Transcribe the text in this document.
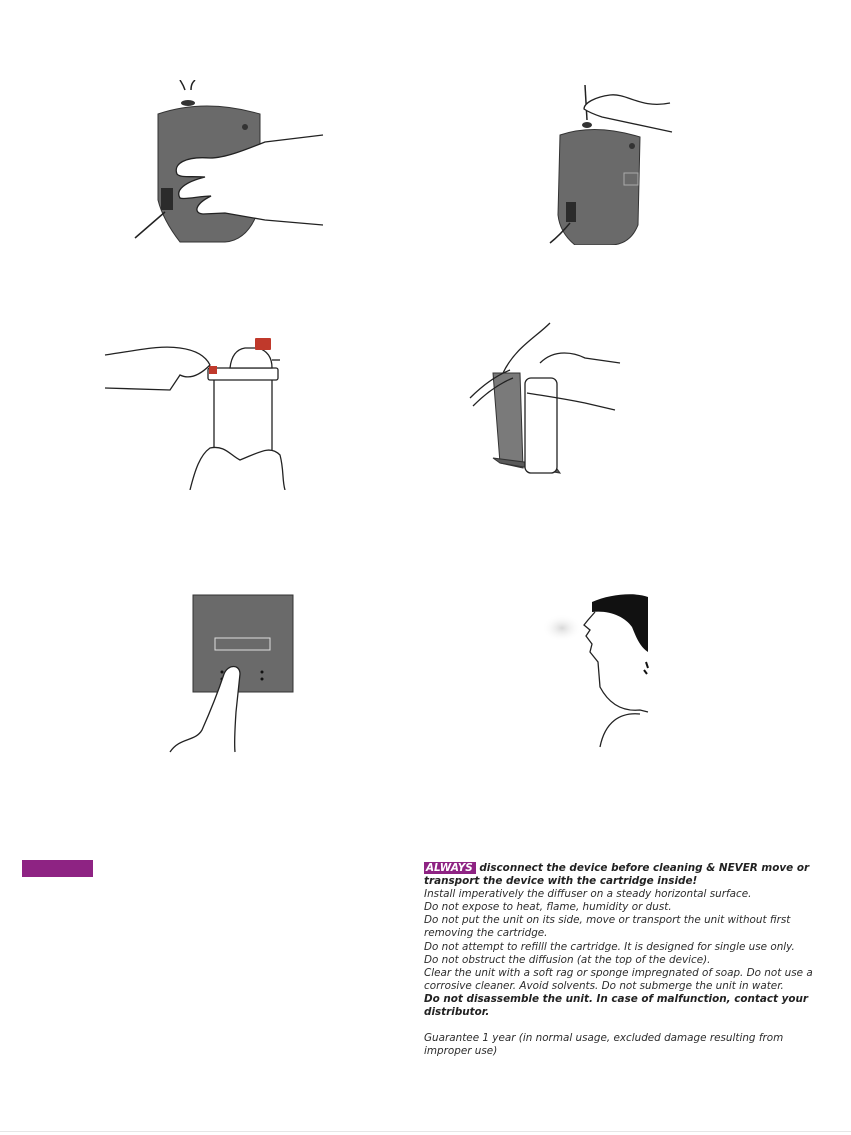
ALWAYS disconnect the device before cleaning & NEVER move or transport the device with the cartridge inside!

Install imperatively the diffuser on a steady horizontal surface.

Do not expose to heat, flame, humidity or dust.

Do not put the unit on its side, move or transport the unit without first removing the cartridge.

Do not attempt to refilll the cartridge. It is designed for single use only.

Do not obstruct the diffusion (at the top of the device).

Clear the unit with a soft rag or sponge impregnated of soap. Do not use a corrosive cleaner. Avoid solvents. Do not submerge the unit in water.

Do not disassemble the unit. In case of malfunction, contact your distributor.

Guarantee 1 year (in normal usage, excluded damage resulting from improper use)
